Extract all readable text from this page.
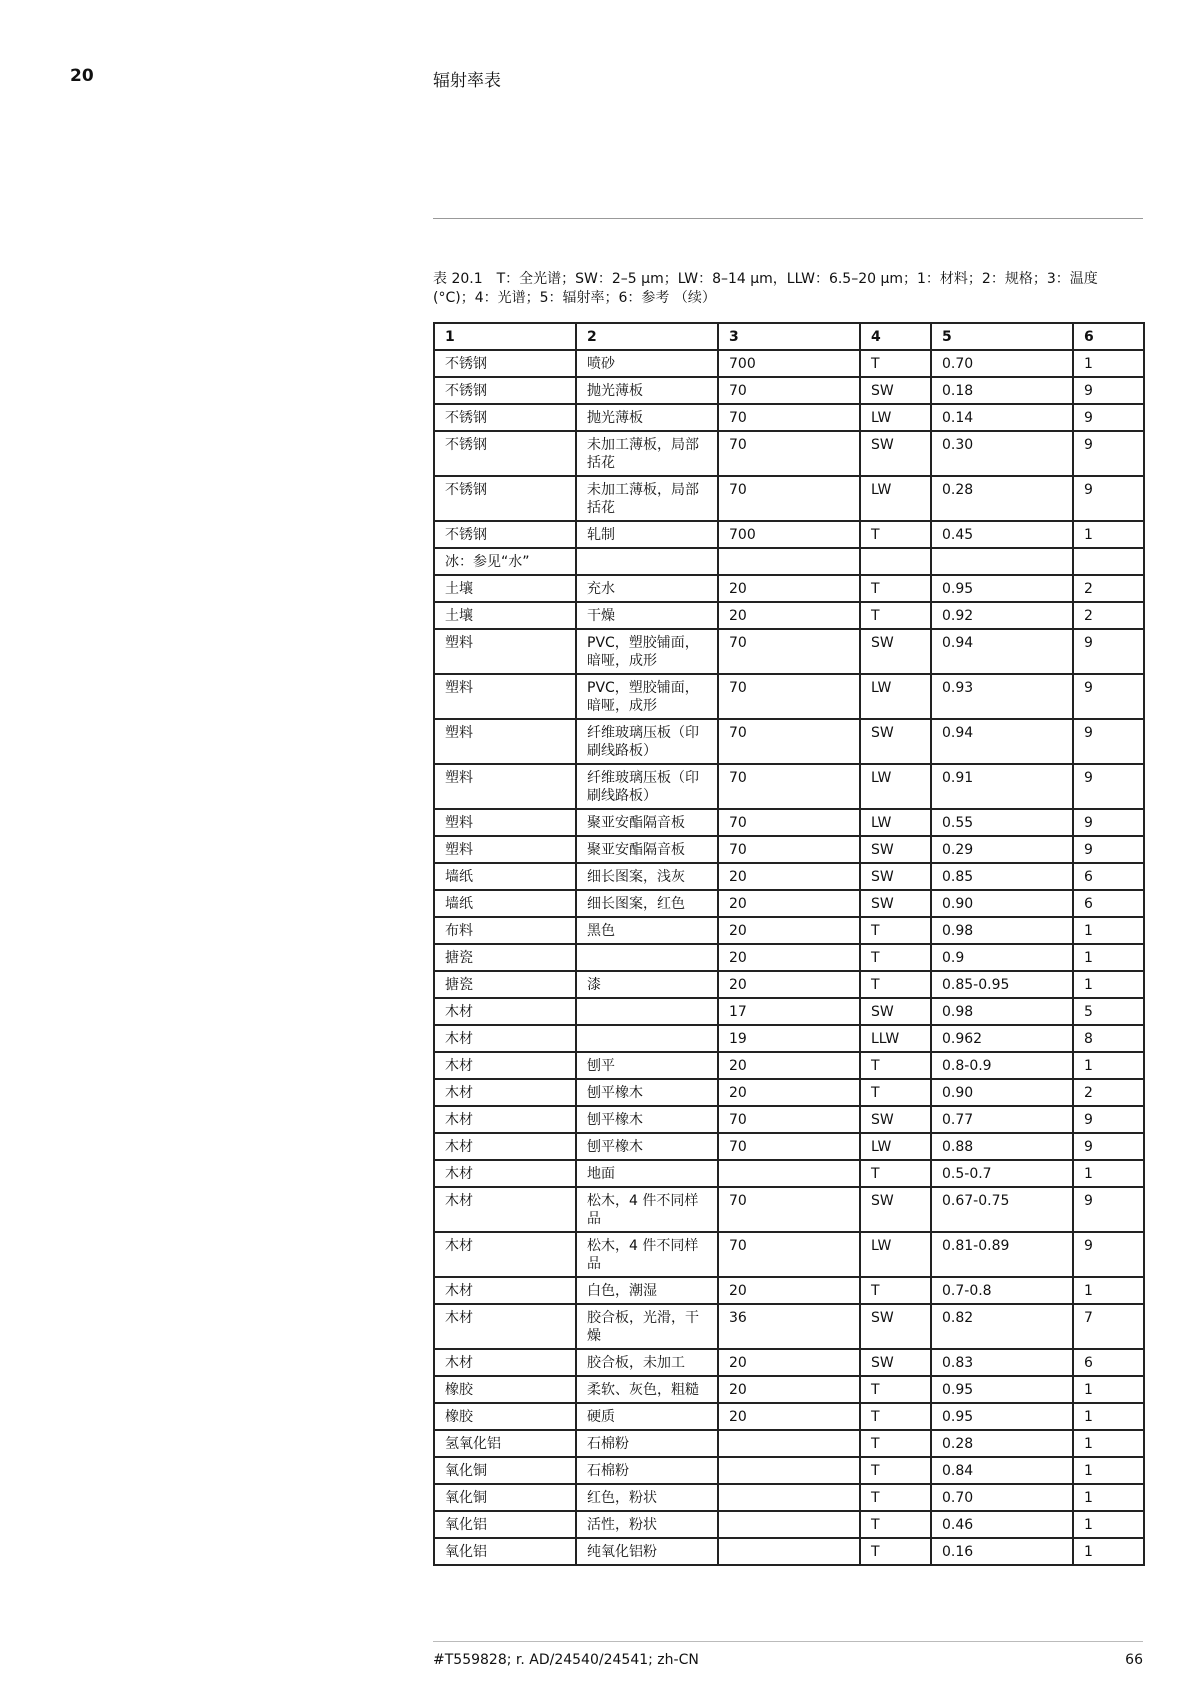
20	辐射率表
表 20.1　T：全光谱；SW：2–5 µm；LW：8–14 µm，LLW：6.5–20 µm；1：材料；2：规格；3：温度 (°C)；4：光谱；5：辐射率；6：参考 （续）
1	2	3	4	5	6
不锈钢	喷砂	700	T	0.70	1
不锈钢	抛光薄板	70	SW	0.18	9
不锈钢	抛光薄板	70	LW	0.14	9
不锈钢	未加工薄板，局部括花	70	SW	0.30	9
不锈钢	未加工薄板，局部括花	70	LW	0.28	9
不锈钢	轧制	700	T	0.45	1
冰：参见“水”					
土壤	充水	20	T	0.95	2
土壤	干燥	20	T	0.92	2
塑料	PVC，塑胶铺面，暗哑，成形	70	SW	0.94	9
塑料	PVC，塑胶铺面，暗哑，成形	70	LW	0.93	9
塑料	纤维玻璃压板（印刷线路板）	70	SW	0.94	9
塑料	纤维玻璃压板（印刷线路板）	70	LW	0.91	9
塑料	聚亚安酯隔音板	70	LW	0.55	9
塑料	聚亚安酯隔音板	70	SW	0.29	9
墙纸	细长图案，浅灰	20	SW	0.85	6
墙纸	细长图案，红色	20	SW	0.90	6
布料	黑色	20	T	0.98	1
搪瓷		20	T	0.9	1
搪瓷	漆	20	T	0.85-0.95	1
木材		17	SW	0.98	5
木材		19	LLW	0.962	8
木材	刨平	20	T	0.8-0.9	1
木材	刨平橡木	20	T	0.90	2
木材	刨平橡木	70	SW	0.77	9
木材	刨平橡木	70	LW	0.88	9
木材	地面		T	0.5-0.7	1
木材	松木，4 件不同样品	70	SW	0.67-0.75	9
木材	松木，4 件不同样品	70	LW	0.81-0.89	9
木材	白色，潮湿	20	T	0.7-0.8	1
木材	胶合板，光滑，干燥	36	SW	0.82	7
木材	胶合板，未加工	20	SW	0.83	6
橡胶	柔软、灰色，粗糙	20	T	0.95	1
橡胶	硬质	20	T	0.95	1
氢氧化铝	石棉粉		T	0.28	1
氧化铜	石棉粉		T	0.84	1
氧化铜	红色，粉状		T	0.70	1
氧化铝	活性，粉状		T	0.46	1
氧化铝	纯氧化铝粉		T	0.16	1
#T559828; r. AD/24540/24541; zh-CN	66
